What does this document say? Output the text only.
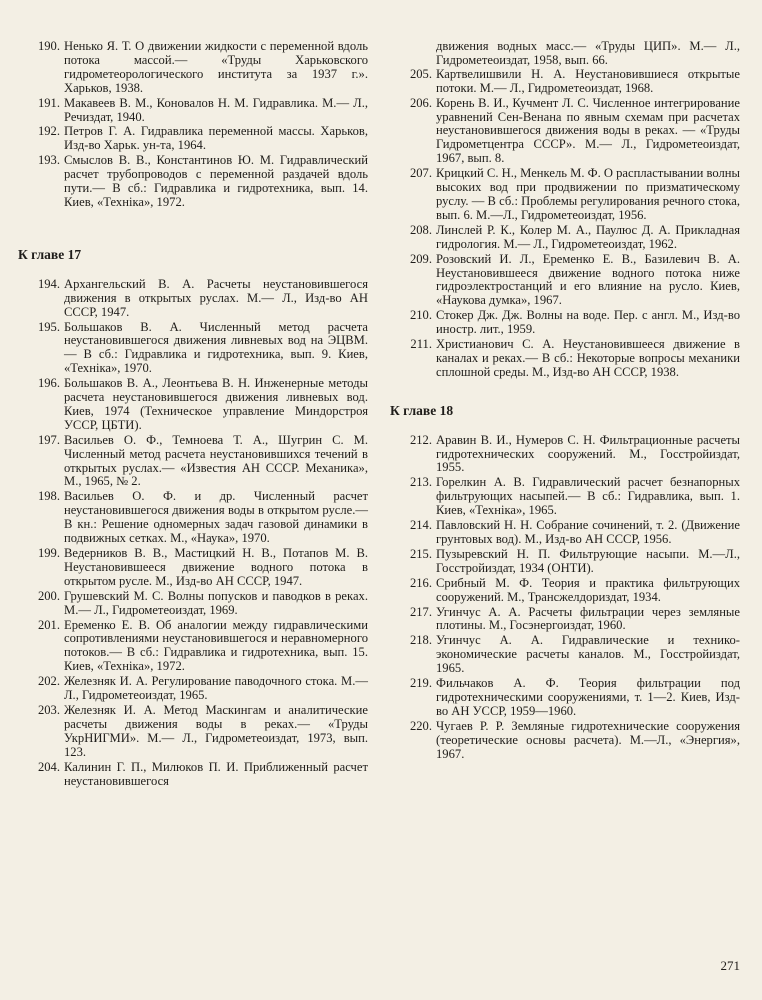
190. Ненько Я. Т. О движении жидкости с переменной вдоль потока массой.— «Труды Харьковского гидрометеорологического института за 1937 г.». Харьков, 1938.
191. Макавеев В. М., Коновалов Н. М. Гидравлика. М.— Л., Речиздат, 1940.
192. Петров Г. А. Гидравлика переменной массы. Харьков, Изд-во Харьк. ун-та, 1964.
193. Смыслов В. В., Константинов Ю. М. Гидравлический расчет трубопроводов с переменной раздачей вдоль пути.— В сб.: Гидравлика и гидротехника, вып. 14. Киев, «Техніка», 1972.
К главе 17
194. Архангельский В. А. Расчеты неустановившегося движения в открытых руслах. М.— Л., Изд-во АН СССР, 1947.
195. Большаков В. А. Численный метод расчета неустановившегося движения ливневых вод на ЭЦВМ.— В сб.: Гидравлика и гидротехника, вып. 9. Киев, «Техніка», 1970.
196. Большаков В. А., Леонтьева В. Н. Инженерные методы расчета неустановившегося движения ливневых вод. Киев, 1974 (Техническое управление Миндорстроя УССР, ЦБТИ).
197. Васильев О. Ф., Темноева Т. А., Шугрин С. М. Численный метод расчета неустановившихся течений в открытых руслах.— «Известия АН СССР. Механика», М., 1965, № 2.
198. Васильев О. Ф. и др. Численный расчет неустановившегося движения воды в открытом русле.— В кн.: Решение одномерных задач газовой динамики в подвижных сетках. М., «Наука», 1970.
199. Ведерников В. В., Мастицкий Н. В., Потапов М. В. Неустановившееся движение водного потока в открытом русле. М., Изд-во АН СССР, 1947.
200. Грушевский М. С. Волны попусков и паводков в реках. М.— Л., Гидрометеоиздат, 1969.
201. Еременко Е. В. Об аналогии между гидравлическими сопротивлениями неустановившегося и неравномерного потоков.— В сб.: Гидравлика и гидротехника, вып. 15. Киев, «Техніка», 1972.
202. Железняк И. А. Регулирование паводочного стока. М.— Л., Гидрометеоиздат, 1965.
203. Железняк И. А. Метод Маскингам и аналитические расчеты движения воды в реках.— «Труды УкрНИГМИ». М.— Л., Гидрометеоиздат, 1973, вып. 123.
204. Калинин Г. П., Милюков П. И. Приближенный расчет неустановившегося
движения водных масс.— «Труды ЦИП». М.— Л., Гидрометеоиздат, 1958, вып. 66.
205. Картвелишвили Н. А. Неустановившиеся открытые потоки. М.— Л., Гидрометеоиздат, 1968.
206. Корень В. И., Кучмент Л. С. Численное интегрирование уравнений Сен-Венана по явным схемам при расчетах неустановившегося движения воды в реках. — «Труды Гидрометцентра СССР». М.— Л., Гидрометеоиздат, 1967, вып. 8.
207. Крицкий С. Н., Менкель М. Ф. О распластывании волны высоких вод при продвижении по призматическому руслу. — В сб.: Проблемы регулирования речного стока, вып. 6. М.—Л., Гидрометеоиздат, 1956.
208. Линслей Р. К., Колер М. А., Паулюс Д. А. Прикладная гидрология. М.— Л., Гидрометеоиздат, 1962.
209. Розовский И. Л., Еременко Е. В., Базилевич В. А. Неустановившееся движение водного потока ниже гидроэлектростанций и его влияние на русло. Киев, «Наукова думка», 1967.
210. Стокер Дж. Дж. Волны на воде. Пер. с англ. М., Изд-во иностр. лит., 1959.
211. Христианович С. А. Неустановившееся движение в каналах и реках.— В сб.: Некоторые вопросы механики сплошной среды. М., Изд-во АН СССР, 1938.
К главе 18
212. Аравин В. И., Нумеров С. Н. Фильтрационные расчеты гидротехнических сооружений. М., Госстройиздат, 1955.
213. Горелкин А. В. Гидравлический расчет безнапорных фильтрующих насыпей.— В сб.: Гидравлика, вып. 1. Киев, «Техніка», 1965.
214. Павловский Н. Н. Собрание сочинений, т. 2. (Движение грунтовых вод). М., Изд-во АН СССР, 1956.
215. Пузыревский Н. П. Фильтрующие насыпи. М.—Л., Госстройиздат, 1934 (ОНТИ).
216. Срибный М. Ф. Теория и практика фильтрующих сооружений. М., Трансжелдориздат, 1934.
217. Угинчус А. А. Расчеты фильтрации через земляные плотины. М., Госэнергоиздат, 1960.
218. Угинчус А. А. Гидравлические и технико-экономические расчеты каналов. М., Госстройиздат, 1965.
219. Фильчаков А. Ф. Теория фильтрации под гидротехническими сооружениями, т. 1—2. Киев, Изд-во АН УССР, 1959—1960.
220. Чугаев Р. Р. Земляные гидротехнические сооружения (теоретические основы расчета). М.—Л., «Энергия», 1967.
271
